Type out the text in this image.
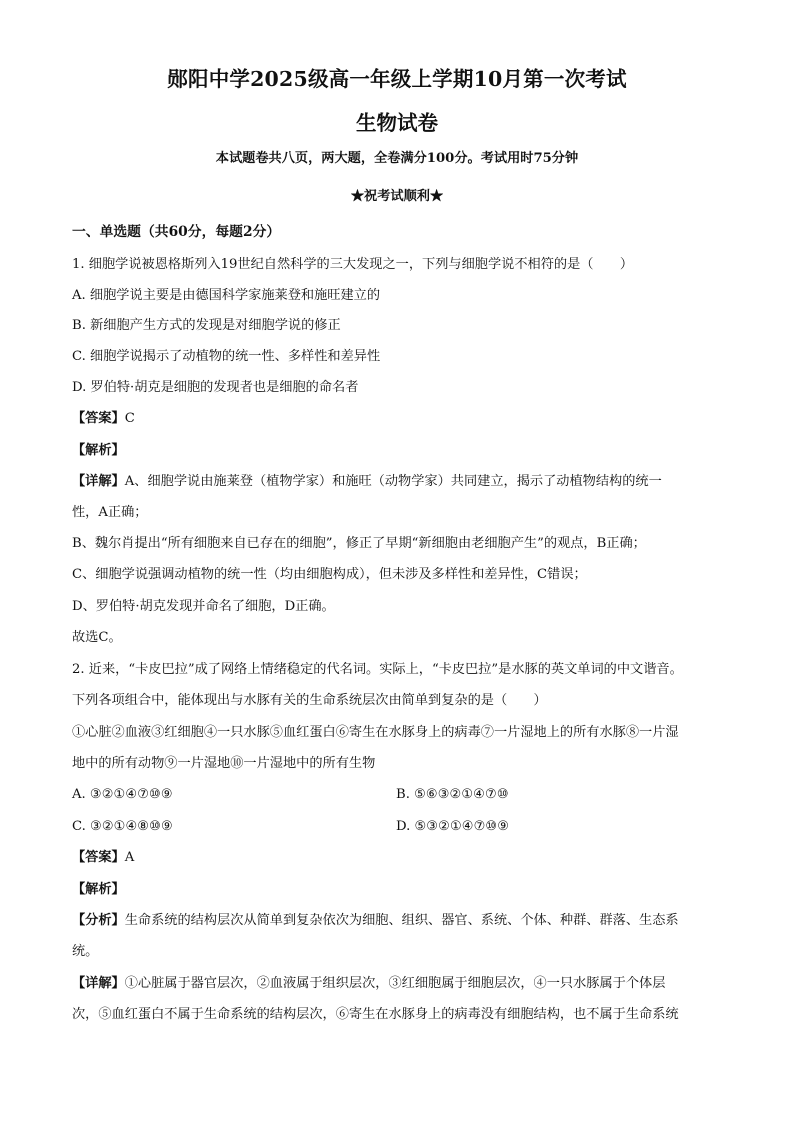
郧阳中学2025级高一年级上学期10月第一次考试
生物试卷
本试题卷共八页，两大题，全卷满分100分。考试用时75分钟
★祝考试顺利★
一、单选题（共60分，每题2分）
1. 细胞学说被恩格斯列入19世纪自然科学的三大发现之一，下列与细胞学说不相符的是（　　）
A. 细胞学说主要是由德国科学家施莱登和施旺建立的
B. 新细胞产生方式的发现是对细胞学说的修正
C. 细胞学说揭示了动植物的统一性、多样性和差异性
D. 罗伯特·胡克是细胞的发现者也是细胞的命名者
【答案】C
【解析】
【详解】A、细胞学说由施莱登（植物学家）和施旺（动物学家）共同建立，揭示了动植物结构的统一
性，A正确；
B、魏尔肖提出“所有细胞来自已存在的细胞”，修正了早期“新细胞由老细胞产生”的观点，B正确；
C、细胞学说强调动植物的统一性（均由细胞构成），但未涉及多样性和差异性，C错误；
D、罗伯特·胡克发现并命名了细胞，D正确。
故选C。
2. 近来，“卡皮巴拉”成了网络上情绪稳定的代名词。实际上，“卡皮巴拉”是水豚的英文单词的中文谐音。
下列各项组合中，能体现出与水豚有关的生命系统层次由简单到复杂的是（　　）
①心脏②血液③红细胞④一只水豚⑤血红蛋白⑥寄生在水豚身上的病毒⑦一片湿地上的所有水豚⑧一片湿
地中的所有动物⑨一片湿地⑩一片湿地中的所有生物
A. ③②①④⑦⑩⑨	B. ⑤⑥③②①④⑦⑩
C. ③②①④⑧⑩⑨	D. ⑤③②①④⑦⑩⑨
【答案】A
【解析】
【分析】生命系统的结构层次从简单到复杂依次为细胞、组织、器官、系统、个体、种群、群落、生态系
统。
【详解】①心脏属于器官层次，②血液属于组织层次，③红细胞属于细胞层次，④一只水豚属于个体层
次，⑤血红蛋白不属于生命系统的结构层次，⑥寄生在水豚身上的病毒没有细胞结构，也不属于生命系统
